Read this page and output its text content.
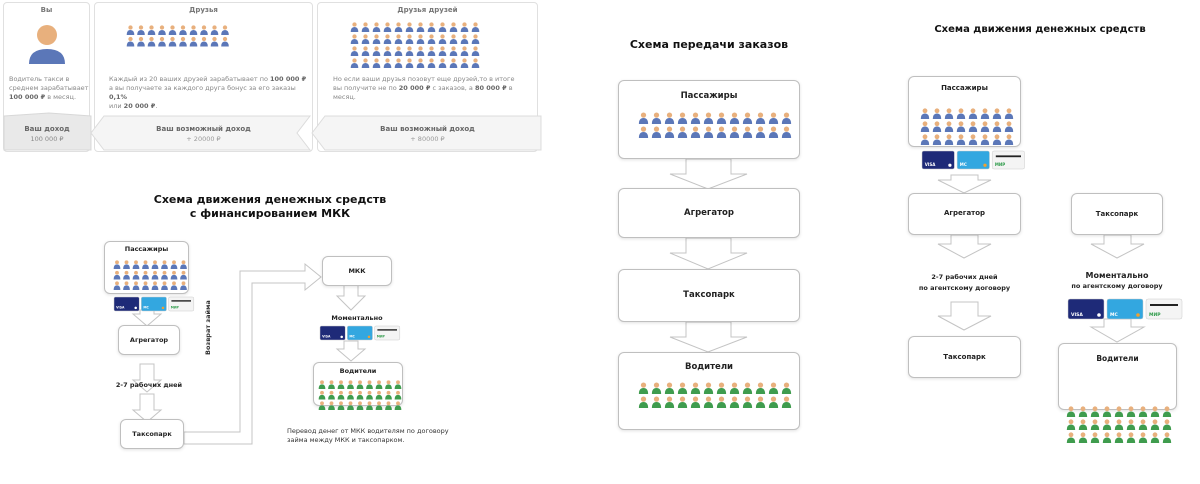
Вы	Друзья	Друзья друзей
Водитель такси в
среднем зарабатывает
100 000 ₽ в месяц.
Каждый из 20 ваших друзей зарабатывает по 100 000 ₽
а вы получаете за каждого друга бонус за его заказы 0,1%
или 20 000 ₽.
Но если ваши друзья позовут еще друзей,то в итоге
вы получите не по 20 000 ₽ с заказов, а 80 000 ₽ в месяц.
Ваш доход
100 000 ₽
Ваш возможный доход
+ 20000 ₽
Ваш возможный доход
+ 80000 ₽
Схема движения денежных средств
с финансированием МКК
Пассажиры
VISA	MC	МИР
Агрегатор
2-7 рабочих дней
Таксопарк
Возврат займа
МКК
Моментально
VISA	MC	МИР
Водители
Перевод денег от МКК водителям по договору
займа между МКК и таксопарком.
Схема передачи заказов
Пассажиры
Агрегатор
Таксопарк
Водители
Схема движения денежных средств
Пассажиры
VISA	MC	МИР
Агрегатор	Таксопарк
2-7 рабочих дней
по агентскому договору
Моментально
по агентскому договору
VISA	MC	МИР
Таксопарк	Водители
